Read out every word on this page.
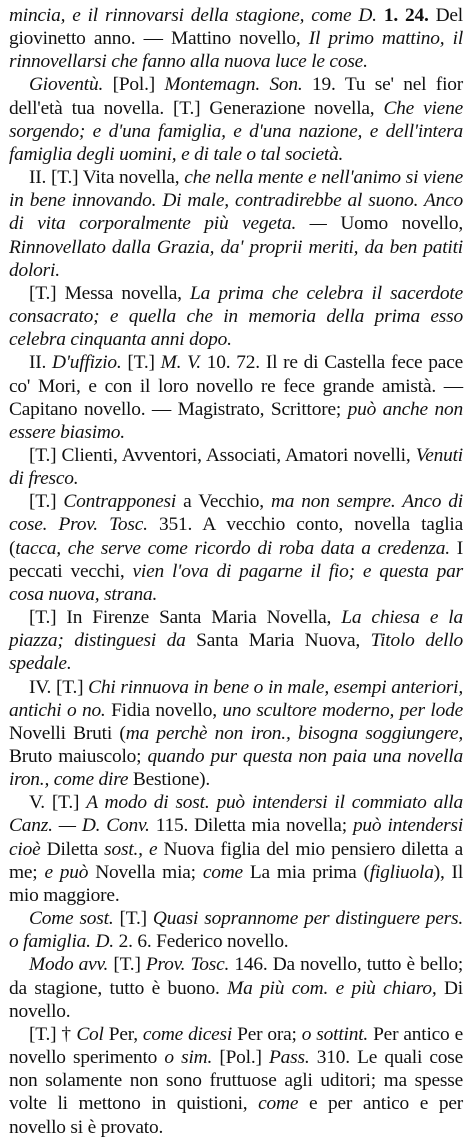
mincia, e il rinnovarsi della stagione, come D. 1. 24. Del giovinetto anno. — Mattino novello, Il primo mattino, il rinnovellarsi che fanno alla nuova luce le cose.

Gioventù. [Pol.] Montemagn. Son. 19. Tu se' nel fior dell'età tua novella. [T.] Generazione novella, Che viene sorgendo; e d'una famiglia, e d'una nazione, e dell'intera famiglia degli uomini, e di tale o tal società.

II. [T.] Vita novella, che nella mente e nell'animo si viene in bene innovando. Di male, contradirebbe al suono. Anco di vita corporalmente più vegeta. — Uomo novello, Rinnovellato dalla Grazia, da' proprii meriti, da ben patiti dolori.

[T.] Messa novella, La prima che celebra il sacerdote consacrato; e quella che in memoria della prima esso celebra cinquanta anni dopo.

II. D'uffizio. [T.] M. V. 10. 72. Il re di Castella fece pace co' Mori, e con il loro novello re fece grande amistà. — Capitano novello. — Magistrato, Scrittore; può anche non essere biasimo.

[T.] Clienti, Avventori, Associati, Amatori novelli, Venuti di fresco.

[T.] Contrapponesi a Vecchio, ma non sempre. Anco di cose. Prov. Tosc. 351. A vecchio conto, novella taglia (tacca, che serve come ricordo di roba data a credenza. I peccati vecchi, vien l'ova di pagarne il fio; e questa par cosa nuova, strana.

[T.] In Firenze Santa Maria Novella, La chiesa e la piazza; distinguesi da Santa Maria Nuova, Titolo dello spedale.

IV. [T.] Chi rinnuova in bene o in male, esempi anteriori, antichi o no. Fidia novello, uno scultore moderno, per lode Novelli Bruti (ma perchè non iron., bisogna soggiungere, Bruto maiuscolo; quando pur questa non paia una novella iron., come dire Bestione).

V. [T.] A modo di sost. può intendersi il commiato alla Canz. — D. Conv. 115. Diletta mia novella; può intendersi cioè Diletta sost., e Nuova figlia del mio pensiero diletta a me; e può Novella mia; come La mia prima (figliuola), Il mio maggiore.

Come sost. [T.] Quasi soprannome per distinguere pers. o famiglia. D. 2. 6. Federico novello.

Modo avv. [T.] Prov. Tosc. 146. Da novello, tutto è bello; da stagione, tutto è buono. Ma più com. e più chiaro, Di novello.

[T.] † Col Per, come dicesi Per ora; o sottint. Per antico e novello sperimento o sim. [Pol.] Pass. 310. Le quali cose non solamente non sono fruttuose agli uditori; ma spesse volte li mettono in quistioni, come e per antico e per novello si è provato.
